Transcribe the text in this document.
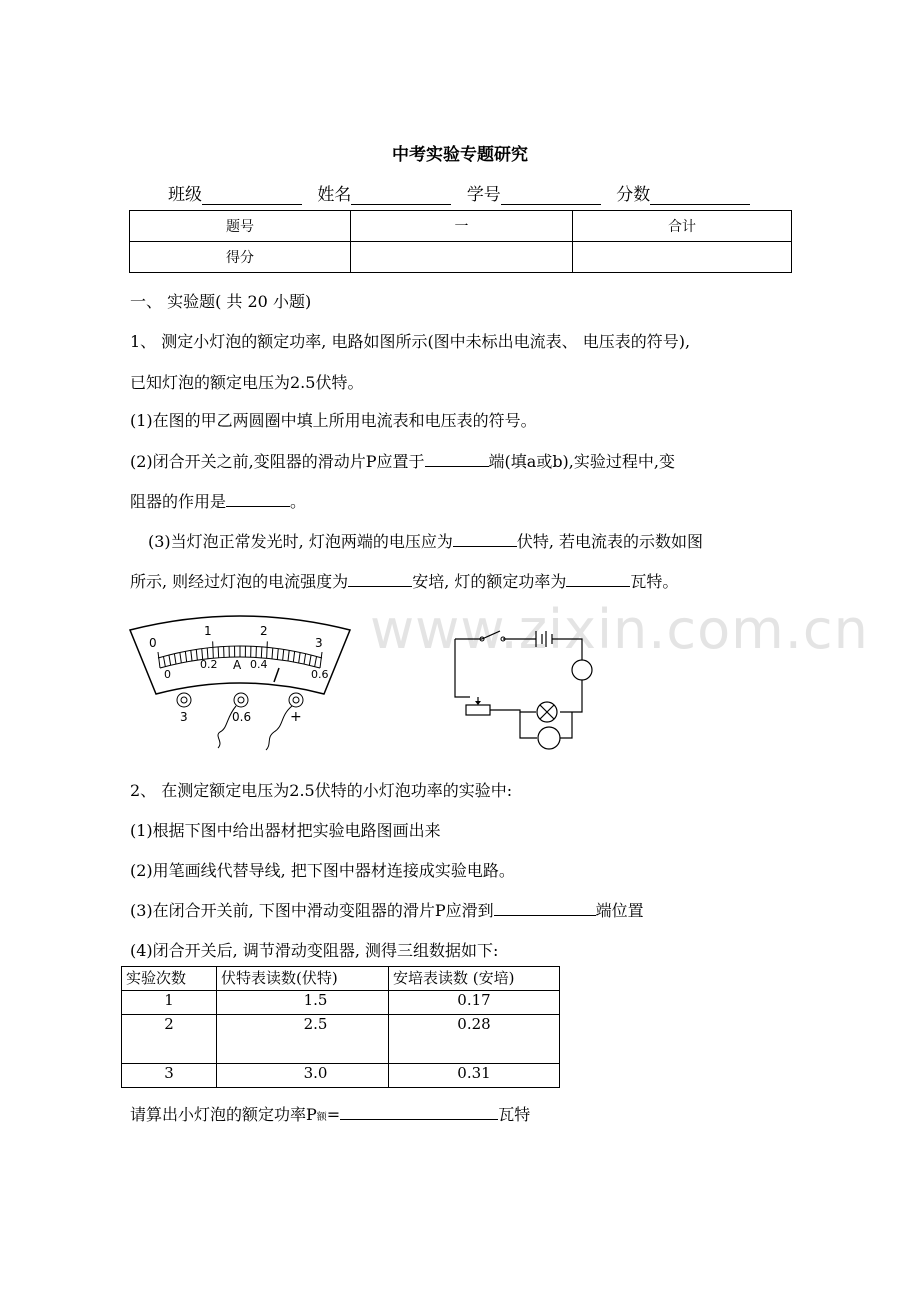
中考实验专题研究
班级	姓名	学号	分数
题号	一	合计
得分		
一、 实验题( 共 20 小题)
1、 测定小灯泡的额定功率, 电路如图所示(图中未标出电流表、 电压表的符号),
已知灯泡的额定电压为2.5伏特。
(1)在图的甲乙两圆圈中填上所用电流表和电压表的符号。
(2)闭合开关之前,变阻器的滑动片P应置于	端(填a或b),实验过程中,变
阻器的作用是	。
(3)当灯泡正常发光时, 灯泡两端的电压应为	伏特, 若电流表的示数如图
所示, 则经过灯泡的电流强度为	安培, 灯的额定功率为	瓦特。
www.zixin.com.cn
0
1	2
3
0
0.2 A 0.4
0.6
3	0.6	+
2、 在测定额定电压为2.5伏特的小灯泡功率的实验中:
(1)根据下图中给出器材把实验电路图画出来
(2)用笔画线代替导线, 把下图中器材连接成实验电路。
(3)在闭合开关前, 下图中滑动变阻器的滑片P应滑到	端位置
(4)闭合开关后, 调节滑动变阻器, 测得三组数据如下:
实验次数	伏特表读数(伏特)	安培表读数 (安培)
1	1.5	0.17
2	2.5	0.28
3	3.0	0.31
请算出小灯泡的额定功率P额=	瓦特
